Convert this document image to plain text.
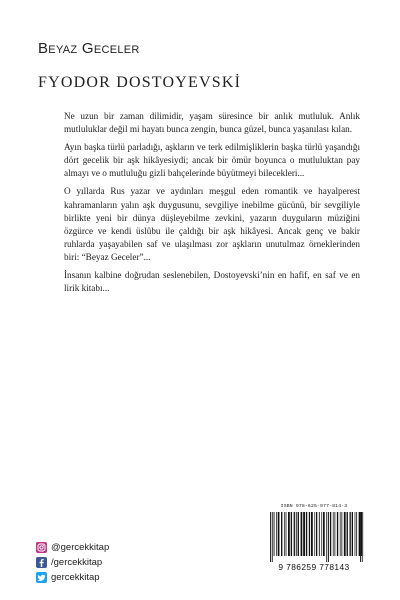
Beyaz Geceler
FYODOR DOSTOYEVSKİ

Ne uzun bir zaman dilimidir, yaşam süresince bir anlık mutluluk. Anlık mutluluklar değil mi hayatı bunca zengin, bunca güzel, bunca yaşanılası kılan.

Ayın başka türlü parladığı, aşkların ve terk edilmişliklerin başka türlü yaşandığı dört gecelik bir aşk hikâyesiydi; ancak bir ömür boyunca o mutluluktan pay almayı ve o mutluluğu gizli bahçelerinde büyütmeyi bilecekleri...

O yıllarda Rus yazar ve aydınları meşgul eden romantik ve hayalperest kahramanların yalın aşk duygusunu, sevgiliye inebilme gücünü, bir sevgiliyle birlikte yeni bir dünya düşleyebilme zevkini, yazarın duyguların müziğini özgürce ve kendi üslûbu ile çaldığı bir aşk hikâyesi. Ancak genç ve bakir ruhlarda yaşayabilen saf ve ulaşılması zor aşkların unutulmaz örneklerinden biri: “Beyaz Geceler”...

İnsanın kalbine doğrudan seslenebilen, Dostoyevski’nin en hafif, en saf ve en lirik kitabı...

ISBN 978-625-977-814-3
9 786259 778143
@gercekkitap
/gercekkitap
gercekkitap
